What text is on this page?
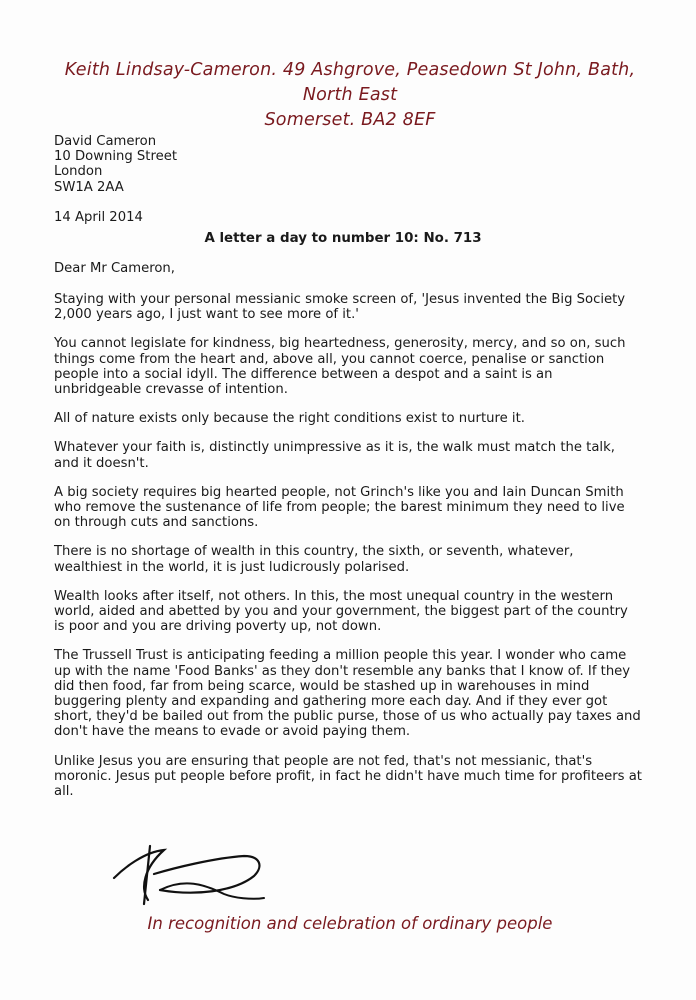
Keith Lindsay-Cameron. 49 Ashgrove, Peasedown St John, Bath, North East
Somerset. BA2 8EF
David Cameron
10 Downing Street
London
SW1A 2AA
14 April 2014
A letter a day to number 10: No. 713
Dear Mr Cameron,

Staying with your personal messianic smoke screen of, 'Jesus invented the Big Society 2,000 years ago, I just want to see more of it.'

You cannot legislate for kindness, big heartedness, generosity, mercy, and so on, such things come from the heart and, above all, you cannot coerce, penalise or sanction people into a social idyll. The difference between a despot and a saint is an unbridgeable crevasse of intention.

All of nature exists only because the right conditions exist to nurture it.

Whatever your faith is, distinctly unimpressive as it is, the walk must match the talk, and it doesn't.

A big society requires big hearted people, not Grinch's like you and Iain Duncan Smith who remove the sustenance of life from people; the barest minimum they need to live on through cuts and sanctions.

There is no shortage of wealth in this country, the sixth, or seventh, whatever, wealthiest in the world, it is just ludicrously polarised.

Wealth looks after itself, not others. In this, the most unequal country in the western world, aided and abetted by you and your government, the biggest part of the country is poor and you are driving poverty up, not down.

The Trussell Trust is anticipating feeding a million people this year. I wonder who came up with the name 'Food Banks' as they don't resemble any banks that I know of. If they did then food, far from being scarce, would be stashed up in warehouses in mind buggering plenty and expanding and gathering more each day. And if they ever got short, they'd be bailed out from the public purse, those of us who actually pay taxes and don't have the means to evade or avoid paying them.

Unlike Jesus you are ensuring that people are not fed, that's not messianic, that's moronic. Jesus put people before profit, in fact he didn't have much time for profiteers at all.

In recognition and celebration of ordinary people
